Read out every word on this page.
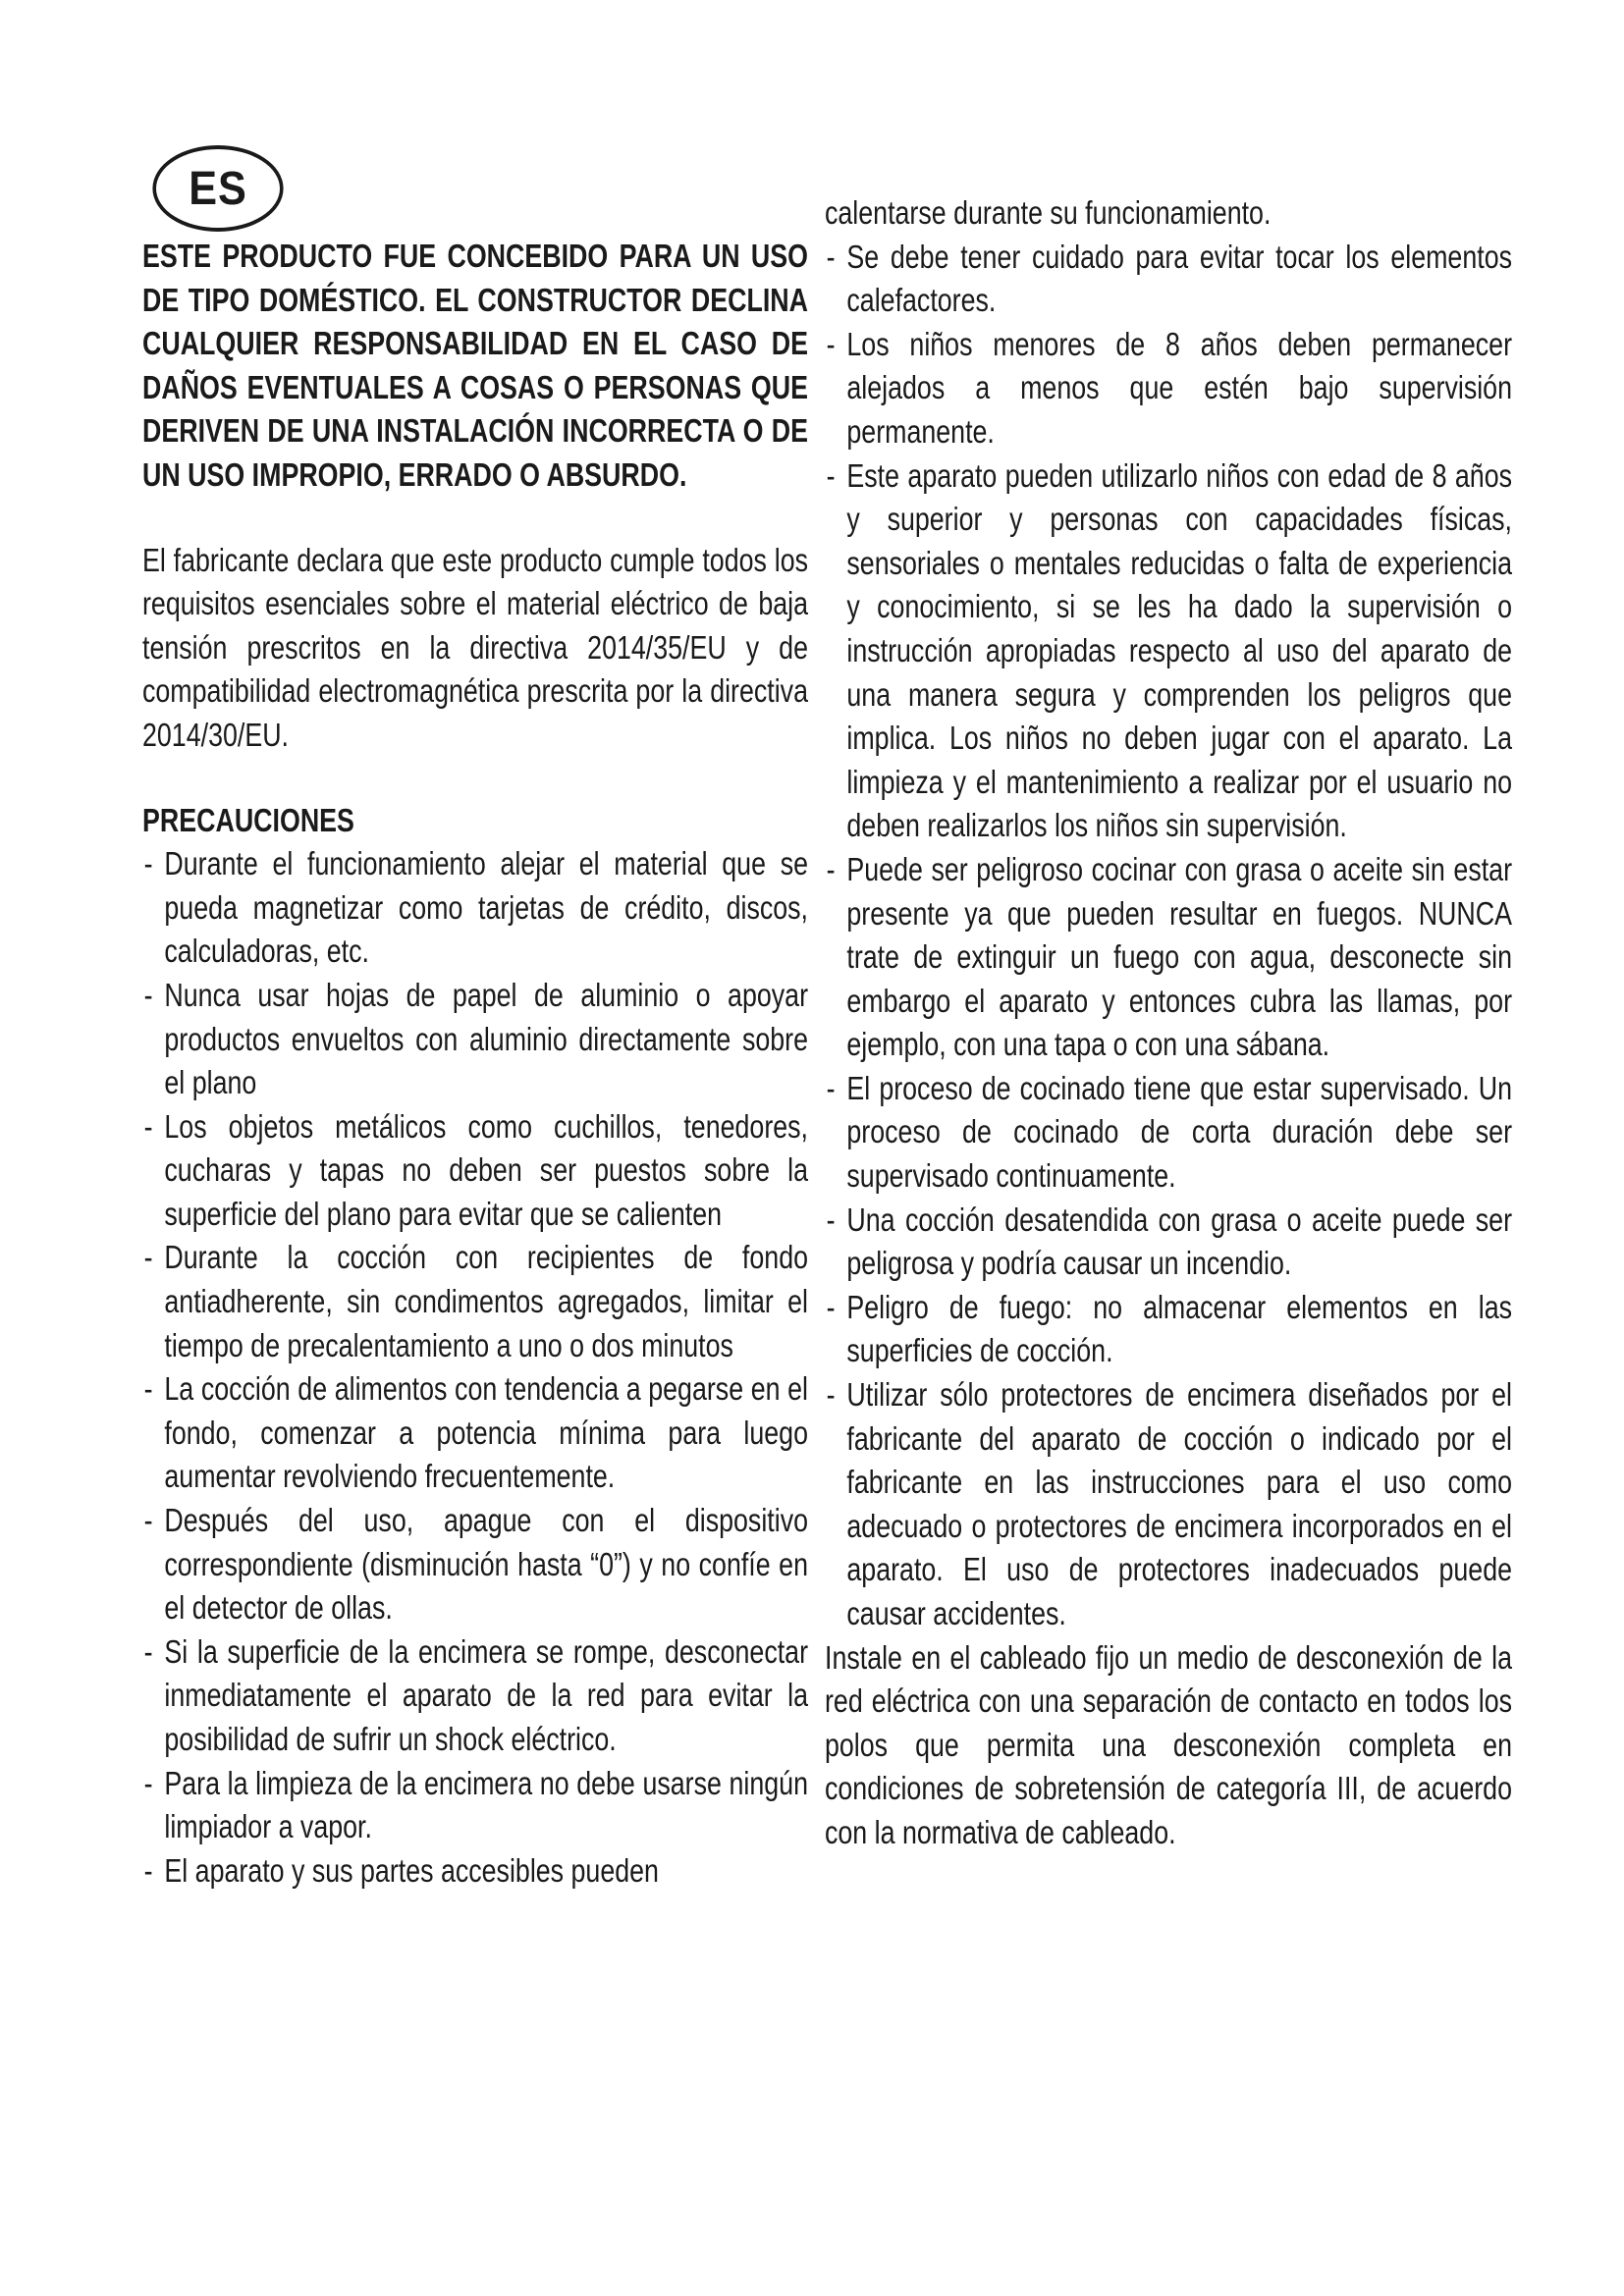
ES
ESTE PRODUCTO FUE CONCEBIDO PARA UN USO DE TIPO DOMÉSTICO. EL CONSTRUCTOR DECLINA CUALQUIER RESPONSABILIDAD EN EL CASO DE DAÑOS EVENTUALES A COSAS O PERSONAS QUE DERIVEN DE UNA INSTALACIÓN INCORRECTA O DE UN USO IMPROPIO, ERRADO O ABSURDO.
El fabricante declara que este producto cumple todos los requisitos esenciales sobre el material eléctrico de baja tensión prescritos en la directiva 2014/35/EU y de compatibilidad electromagnética prescrita por la directiva 2014/30/EU.
PRECAUCIONES
- Durante el funcionamiento alejar el material que se pueda magnetizar como tarjetas de crédito, discos, calculadoras, etc.
- Nunca usar hojas de papel de aluminio o apoyar productos envueltos con aluminio directamente sobre el plano
- Los objetos metálicos como cuchillos, tenedores, cucharas y tapas no deben ser puestos sobre la superficie del plano para evitar que se calienten
- Durante la cocción con recipientes de fondo antiadherente, sin condimentos agregados, limitar el tiempo de precalentamiento a uno o dos minutos
- La cocción de alimentos con tendencia a pegarse en el fondo, comenzar a potencia mínima para luego aumentar revolviendo frecuentemente.
- Después del uso, apague con el dispositivo correspondiente (disminución hasta “0”) y no confíe en el detector de ollas.
- Si la superficie de la encimera se rompe, desconectar inmediatamente el aparato de la red para evitar la posibilidad de sufrir un shock eléctrico.
- Para la limpieza de la encimera no debe usarse ningún limpiador a vapor.
- El aparato y sus partes accesibles pueden
calentarse durante su funcionamiento.
- Se debe tener cuidado para evitar tocar los elementos calefactores.
- Los niños menores de 8 años deben permanecer alejados a menos que estén bajo supervisión permanente.
- Este aparato pueden utilizarlo niños con edad de 8 años y superior y personas con capacidades físicas, sensoriales o mentales reducidas o falta de experiencia y conocimiento, si se les ha dado la supervisión o instrucción apropiadas respecto al uso del aparato de una manera segura y comprenden los peligros que implica. Los niños no deben jugar con el aparato. La limpieza y el mantenimiento a realizar por el usuario no deben realizarlos los niños sin supervisión.
- Puede ser peligroso cocinar con grasa o aceite sin estar presente ya que pueden resultar en fuegos. NUNCA trate de extinguir un fuego con agua, desconecte sin embargo el aparato y entonces cubra las llamas, por ejemplo, con una tapa o con una sábana.
- El proceso de cocinado tiene que estar supervisado. Un proceso de cocinado de corta duración debe ser supervisado continuamente.
- Una cocción desatendida con grasa o aceite puede ser peligrosa y podría causar un incendio.
- Peligro de fuego: no almacenar elementos en las superficies de cocción.
- Utilizar sólo protectores de encimera diseñados por el fabricante del aparato de cocción o indicado por el fabricante en las instrucciones para el uso como adecuado o protectores de encimera incorporados en el aparato. El uso de protectores inadecuados puede causar accidentes.
Instale en el cableado fijo un medio de desconexión de la red eléctrica con una separación de contacto en todos los polos que permita una desconexión completa en condiciones de sobretensión de categoría III, de acuerdo con la normativa de cableado.
